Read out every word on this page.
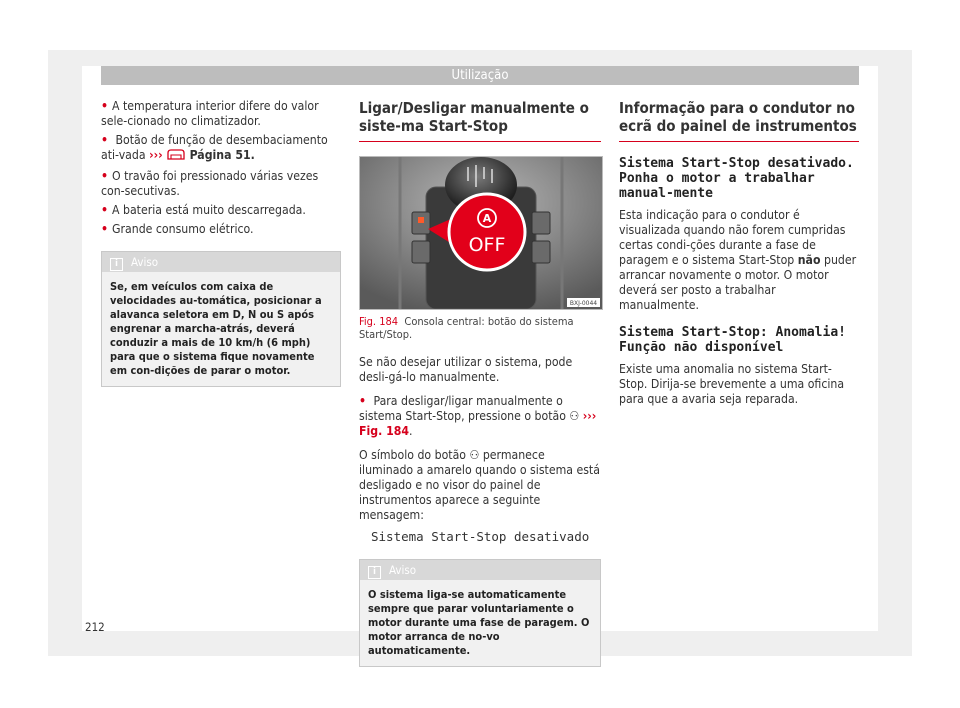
Utilização
• A temperatura interior difere do valor sele-cionado no climatizador.
• Botão de função de desembaciamento ati-vada ››› Página 51.
• O travão foi pressionado várias vezes con-secutivas.
• A bateria está muito descarregada.
• Grande consumo elétrico.
i Aviso
Se, em veículos com caixa de velocidades au-tomática, posicionar a alavanca seletora em D, N ou S após engrenar a marcha-atrás, deverá conduzir a mais de 10 km/h (6 mph) para que o sistema fique novamente em con-dições de parar o motor.
Ligar/Desligar manualmente o siste-ma Start-Stop
A
OFF
BXJ-0044
Fig. 184 Consola central: botão do sistema Start/Stop.

Se não desejar utilizar o sistema, pode desli-gá-lo manualmente.

• Para desligar/ligar manualmente o sistema Start-Stop, pressione o botão ⚇ ››› Fig. 184.

O símbolo do botão ⚇ permanece iluminado a amarelo quando o sistema está desligado e no visor do painel de instrumentos aparece a seguinte mensagem:

Sistema Start-Stop desativado
i Aviso
O sistema liga-se automaticamente sempre que parar voluntariamente o motor durante uma fase de paragem. O motor arranca de no-vo automaticamente.
Informação para o condutor no ecrã do painel de instrumentos
Sistema Start-Stop desativado. Ponha o motor a trabalhar manual-mente

Esta indicação para o condutor é visualizada quando não forem cumpridas certas condi-ções durante a fase de paragem e o sistema Start-Stop não puder arrancar novamente o motor. O motor deverá ser posto a trabalhar manualmente.

Sistema Start-Stop: Anomalia! Função não disponível

Existe uma anomalia no sistema Start-Stop. Dirija-se brevemente a uma oficina para que a avaria seja reparada.

212
